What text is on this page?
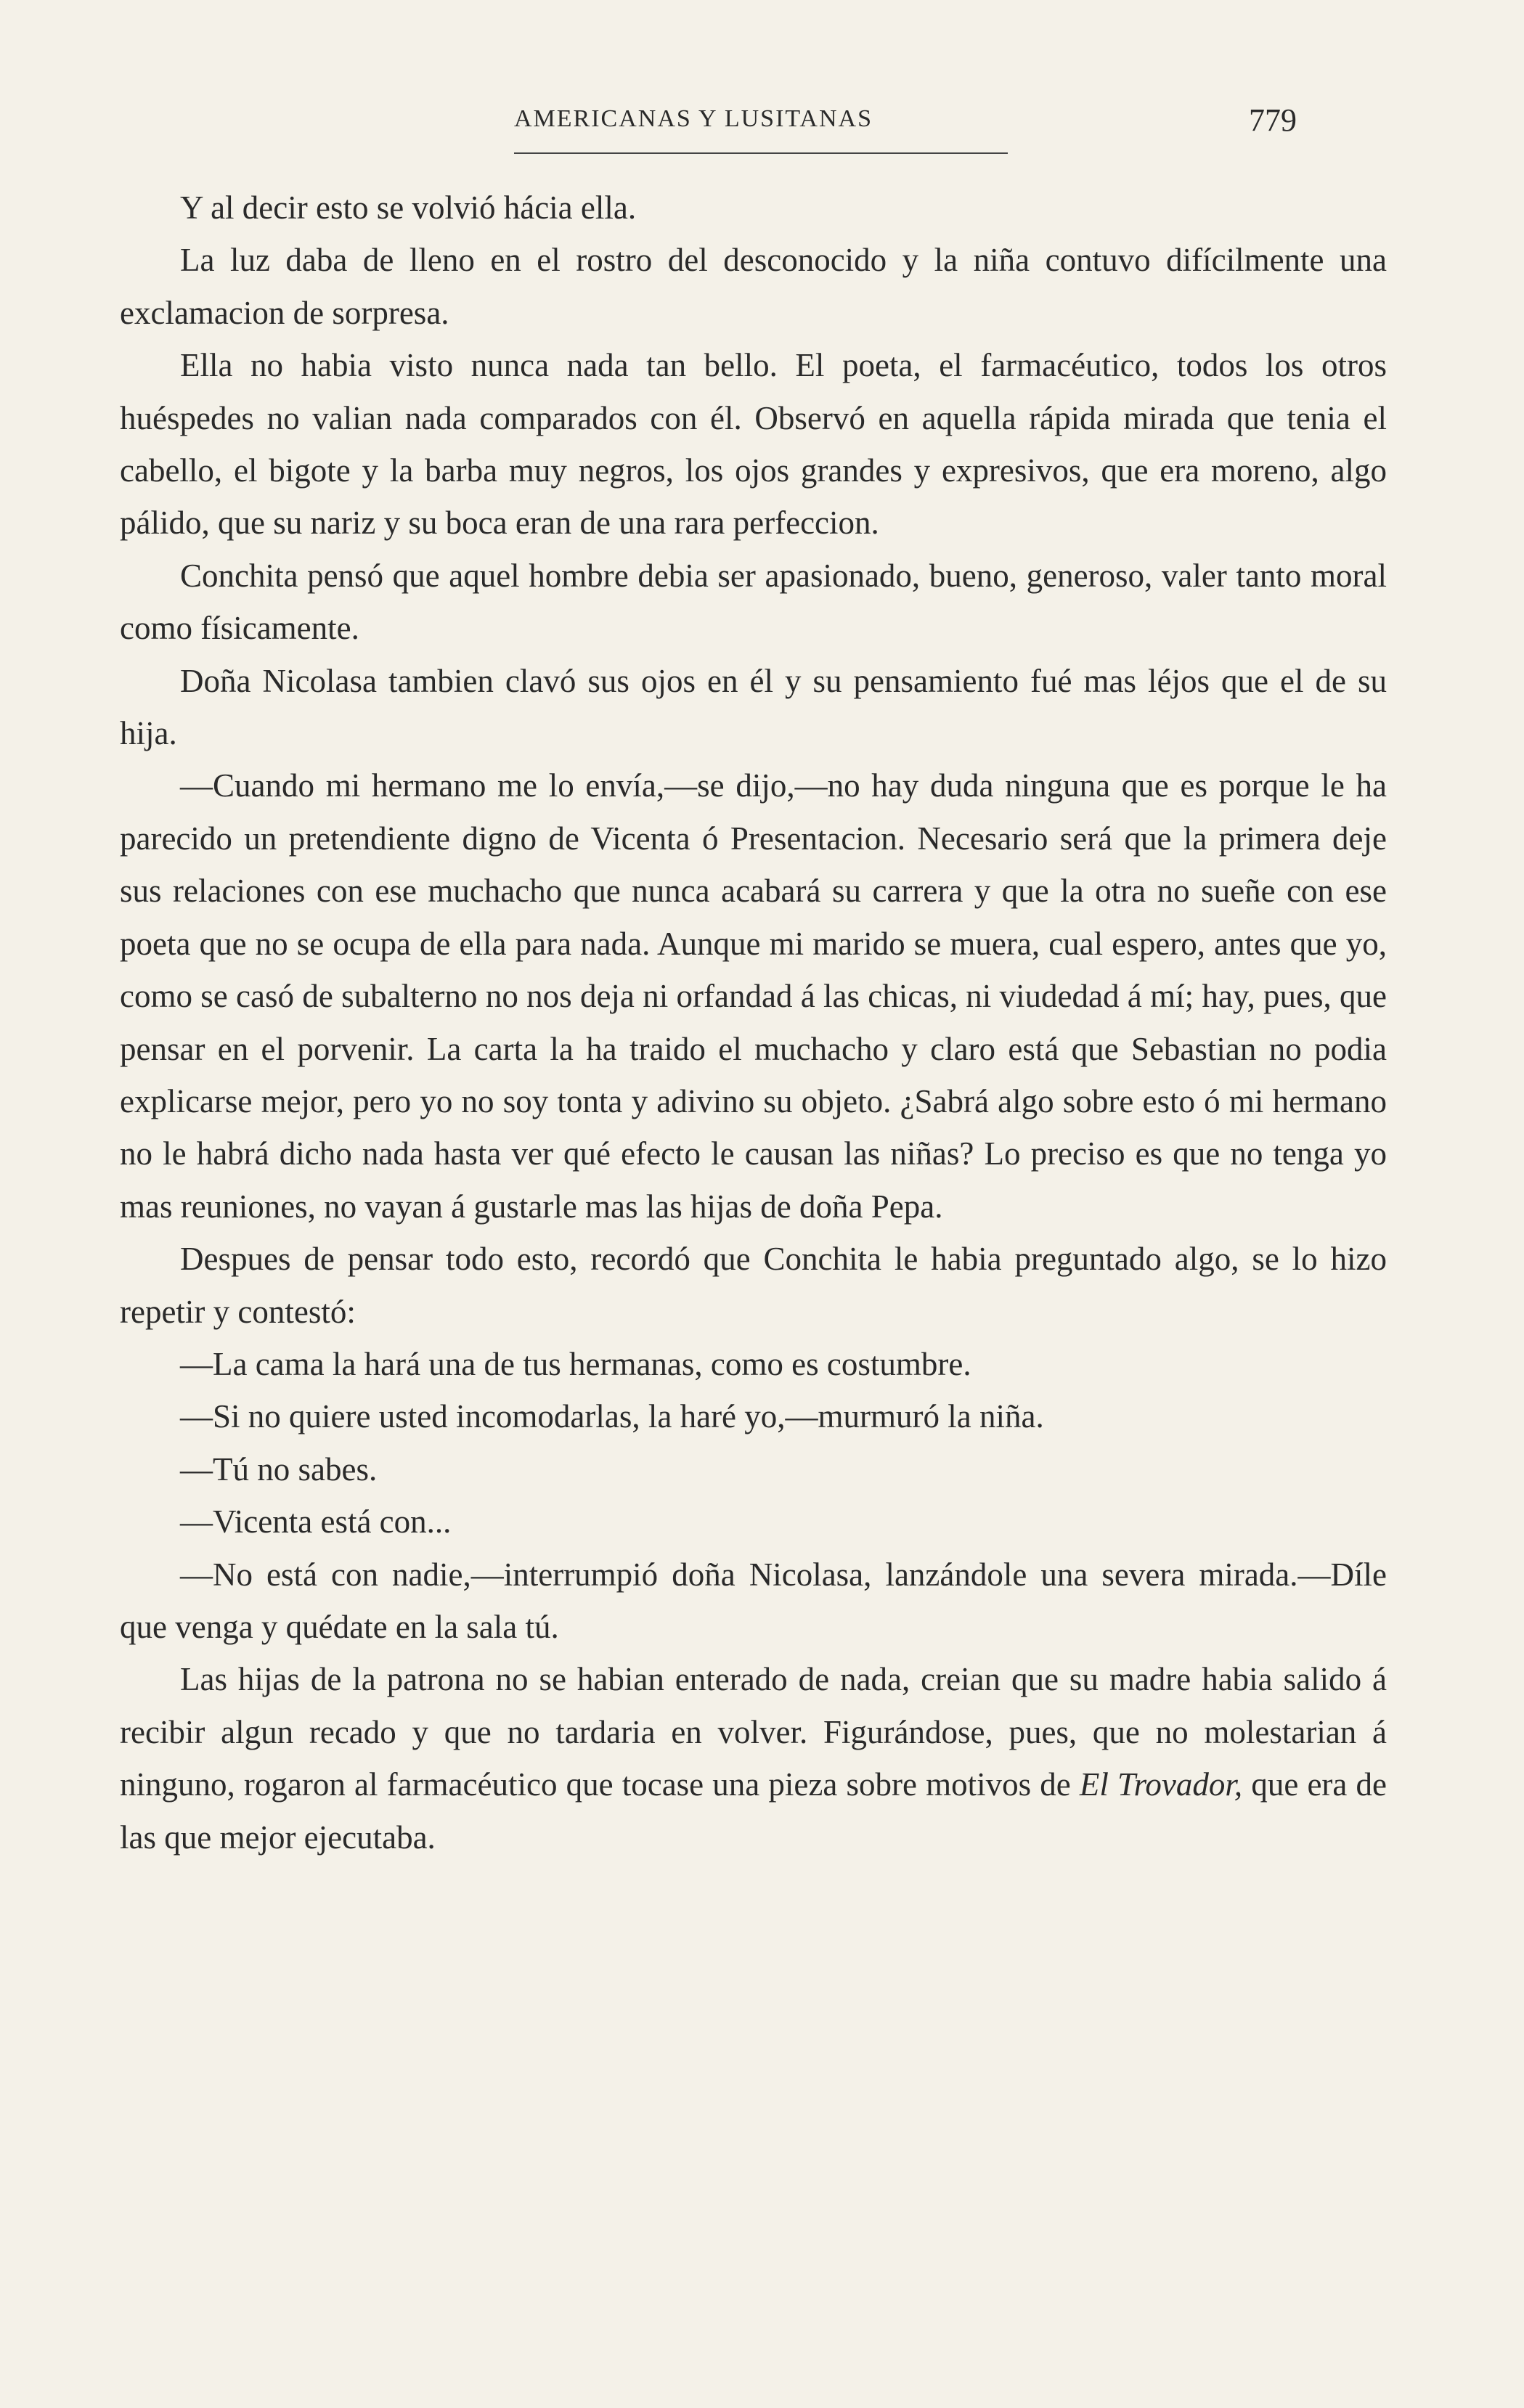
AMERICANAS Y LUSITANAS	779

Y al decir esto se volvió hácia ella.

La luz daba de lleno en el rostro del desconocido y la niña contuvo difícilmente una exclamacion de sorpresa.

Ella no habia visto nunca nada tan bello. El poeta, el farmacéutico, todos los otros huéspedes no valian nada comparados con él. Observó en aquella rápida mirada que tenia el cabello, el bigote y la barba muy negros, los ojos grandes y expresivos, que era moreno, algo pálido, que su nariz y su boca eran de una rara perfeccion.

Conchita pensó que aquel hombre debia ser apasionado, bueno, generoso, valer tanto moral como físicamente.

Doña Nicolasa tambien clavó sus ojos en él y su pensamiento fué mas léjos que el de su hija.

—Cuando mi hermano me lo envía,—se dijo,—no hay duda ninguna que es porque le ha parecido un pretendiente digno de Vicenta ó Presentacion. Necesario será que la primera deje sus relaciones con ese muchacho que nunca acabará su carrera y que la otra no sueñe con ese poeta que no se ocupa de ella para nada. Aunque mi marido se muera, cual espero, antes que yo, como se casó de subalterno no nos deja ni orfandad á las chicas, ni viudedad á mí; hay, pues, que pensar en el porvenir. La carta la ha traido el muchacho y claro está que Sebastian no podia explicarse mejor, pero yo no soy tonta y adivino su objeto. ¿Sabrá algo sobre esto ó mi hermano no le habrá dicho nada hasta ver qué efecto le causan las niñas? Lo preciso es que no tenga yo mas reuniones, no vayan á gustarle mas las hijas de doña Pepa.

Despues de pensar todo esto, recordó que Conchita le habia preguntado algo, se lo hizo repetir y contestó:

—La cama la hará una de tus hermanas, como es costumbre.

—Si no quiere usted incomodarlas, la haré yo,—murmuró la niña.

—Tú no sabes.

—Vicenta está con...

—No está con nadie,—interrumpió doña Nicolasa, lanzándole una severa mirada.—Díle que venga y quédate en la sala tú.

Las hijas de la patrona no se habian enterado de nada, creian que su madre habia salido á recibir algun recado y que no tardaria en volver. Figurándose, pues, que no molestarian á ninguno, rogaron al farmacéutico que tocase una pieza sobre motivos de El Trovador, que era de las que mejor ejecutaba.
